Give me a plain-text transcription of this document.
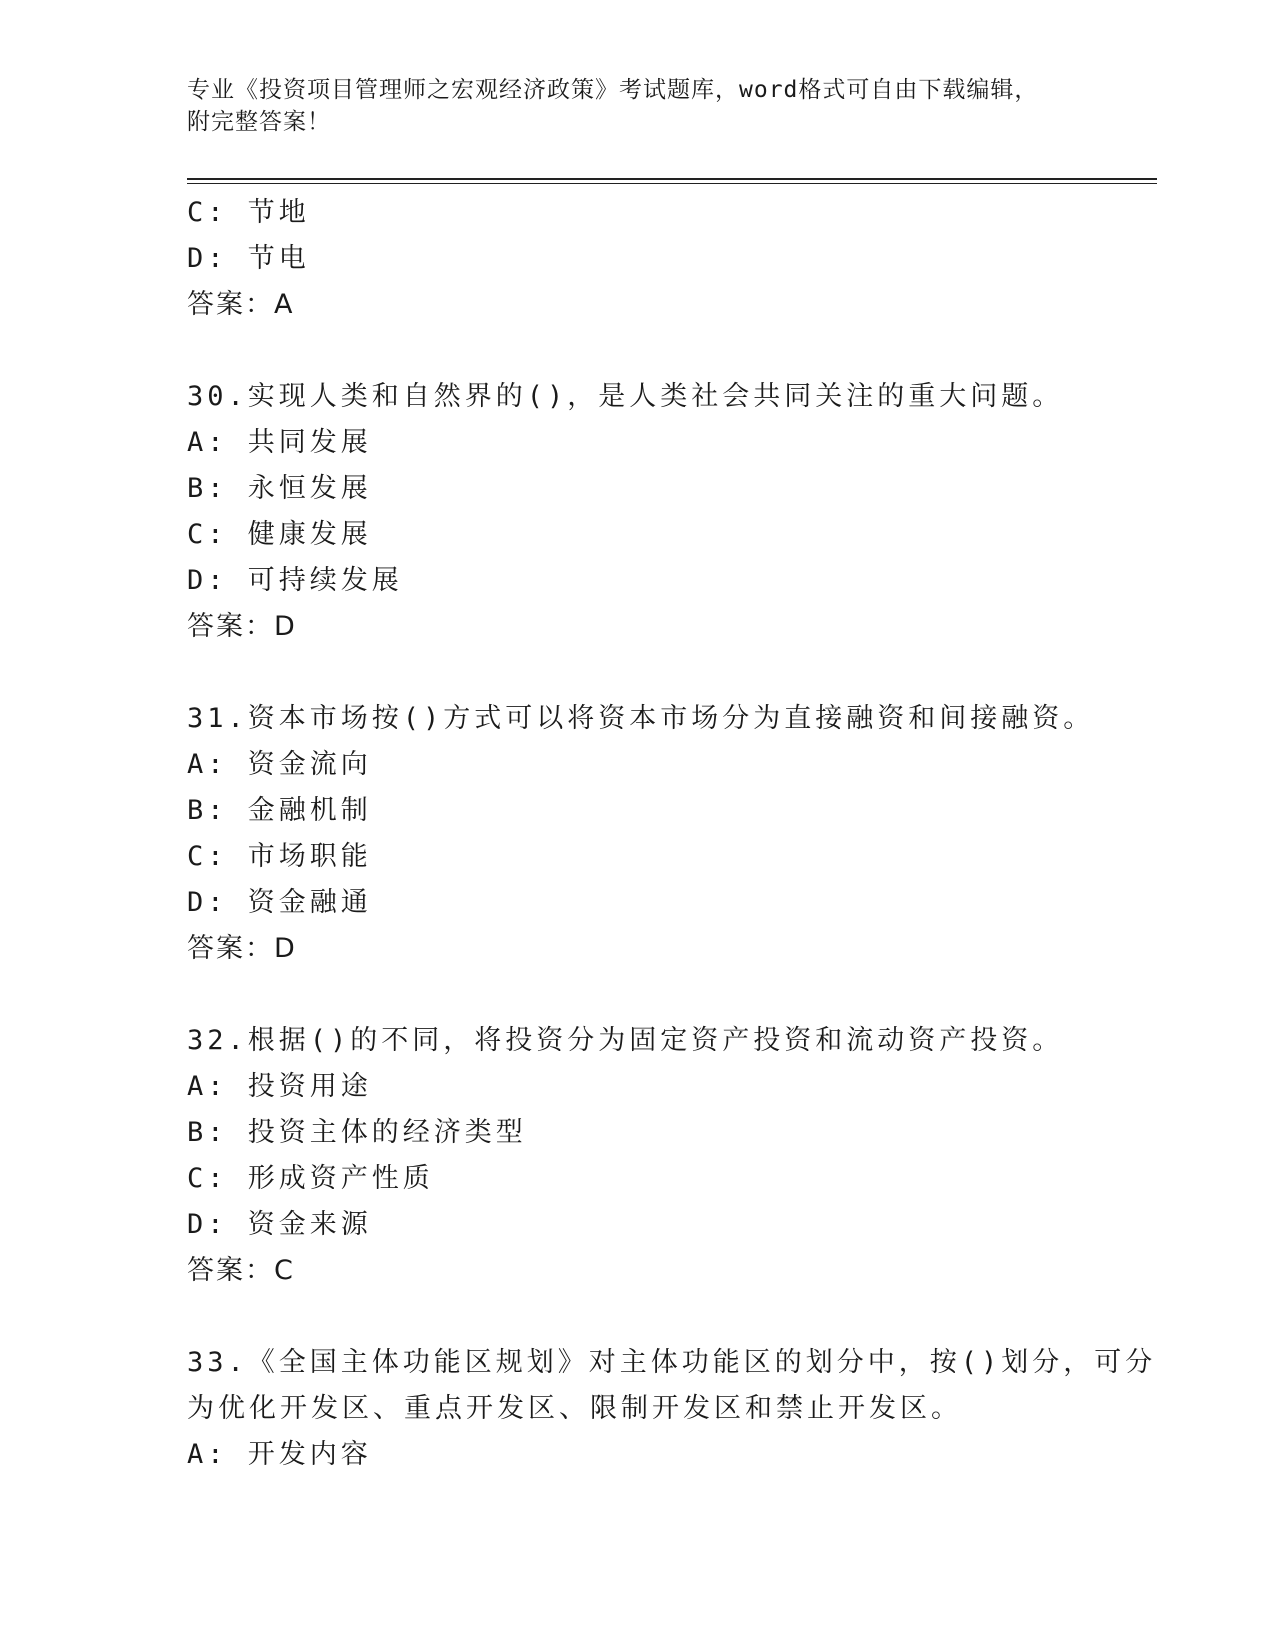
专业《投资项目管理师之宏观经济政策》考试题库，word格式可自由下载编辑，
附完整答案！
C: 节地
D: 节电
答案：A
30.实现人类和自然界的()，是人类社会共同关注的重大问题。
A: 共同发展
B: 永恒发展
C: 健康发展
D: 可持续发展
答案：D
31.资本市场按()方式可以将资本市场分为直接融资和间接融资。
A: 资金流向
B: 金融机制
C: 市场职能
D: 资金融通
答案：D
32.根据()的不同，将投资分为固定资产投资和流动资产投资。
A: 投资用途
B: 投资主体的经济类型
C: 形成资产性质
D: 资金来源
答案：C
33.《全国主体功能区规划》对主体功能区的划分中，按()划分，可分
为优化开发区、重点开发区、限制开发区和禁止开发区。
A: 开发内容
